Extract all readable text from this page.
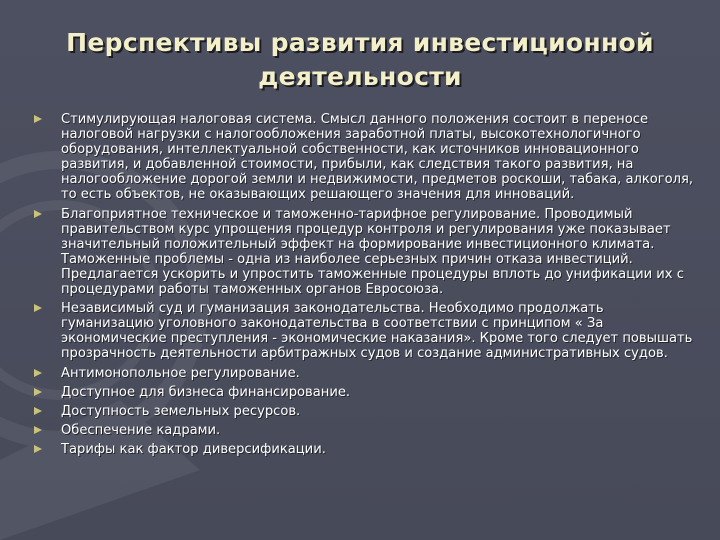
Перспективы развития инвестиционной деятельности
Стимулирующая налоговая система. Смысл данного положения состоит в переносе налоговой нагрузки с налогообложения заработной платы, высокотехнологичного оборудования, интеллектуальной собственности, как источников инновационного развития, и добавленной стоимости, прибыли, как следствия такого развития, на налогообложение дорогой земли и недвижимости, предметов роскоши, табака, алкоголя, то есть объектов, не оказывающих решающего значения для инноваций.
Благоприятное техническое и таможенно-тарифное регулирование. Проводимый правительством курс упрощения процедур контроля и регулирования уже показывает значительный положительный эффект на формирование инвестиционного климата. Таможенные проблемы - одна из наиболее серьезных причин отказа инвестиций. Предлагается ускорить и упростить таможенные процедуры вплоть до унификации их с процедурами работы таможенных органов Евросоюза.
Независимый суд и гуманизация законодательства. Необходимо продолжать гуманизацию уголовного законодательства в соответствии с принципом « За экономические преступления - экономические наказания». Кроме того следует повышать прозрачность деятельности арбитражных судов и создание административных судов.
Антимонопольное регулирование.
Доступное для бизнеса финансирование.
Доступность земельных ресурсов.
Обеспечение кадрами.
Тарифы как фактор диверсификации.
